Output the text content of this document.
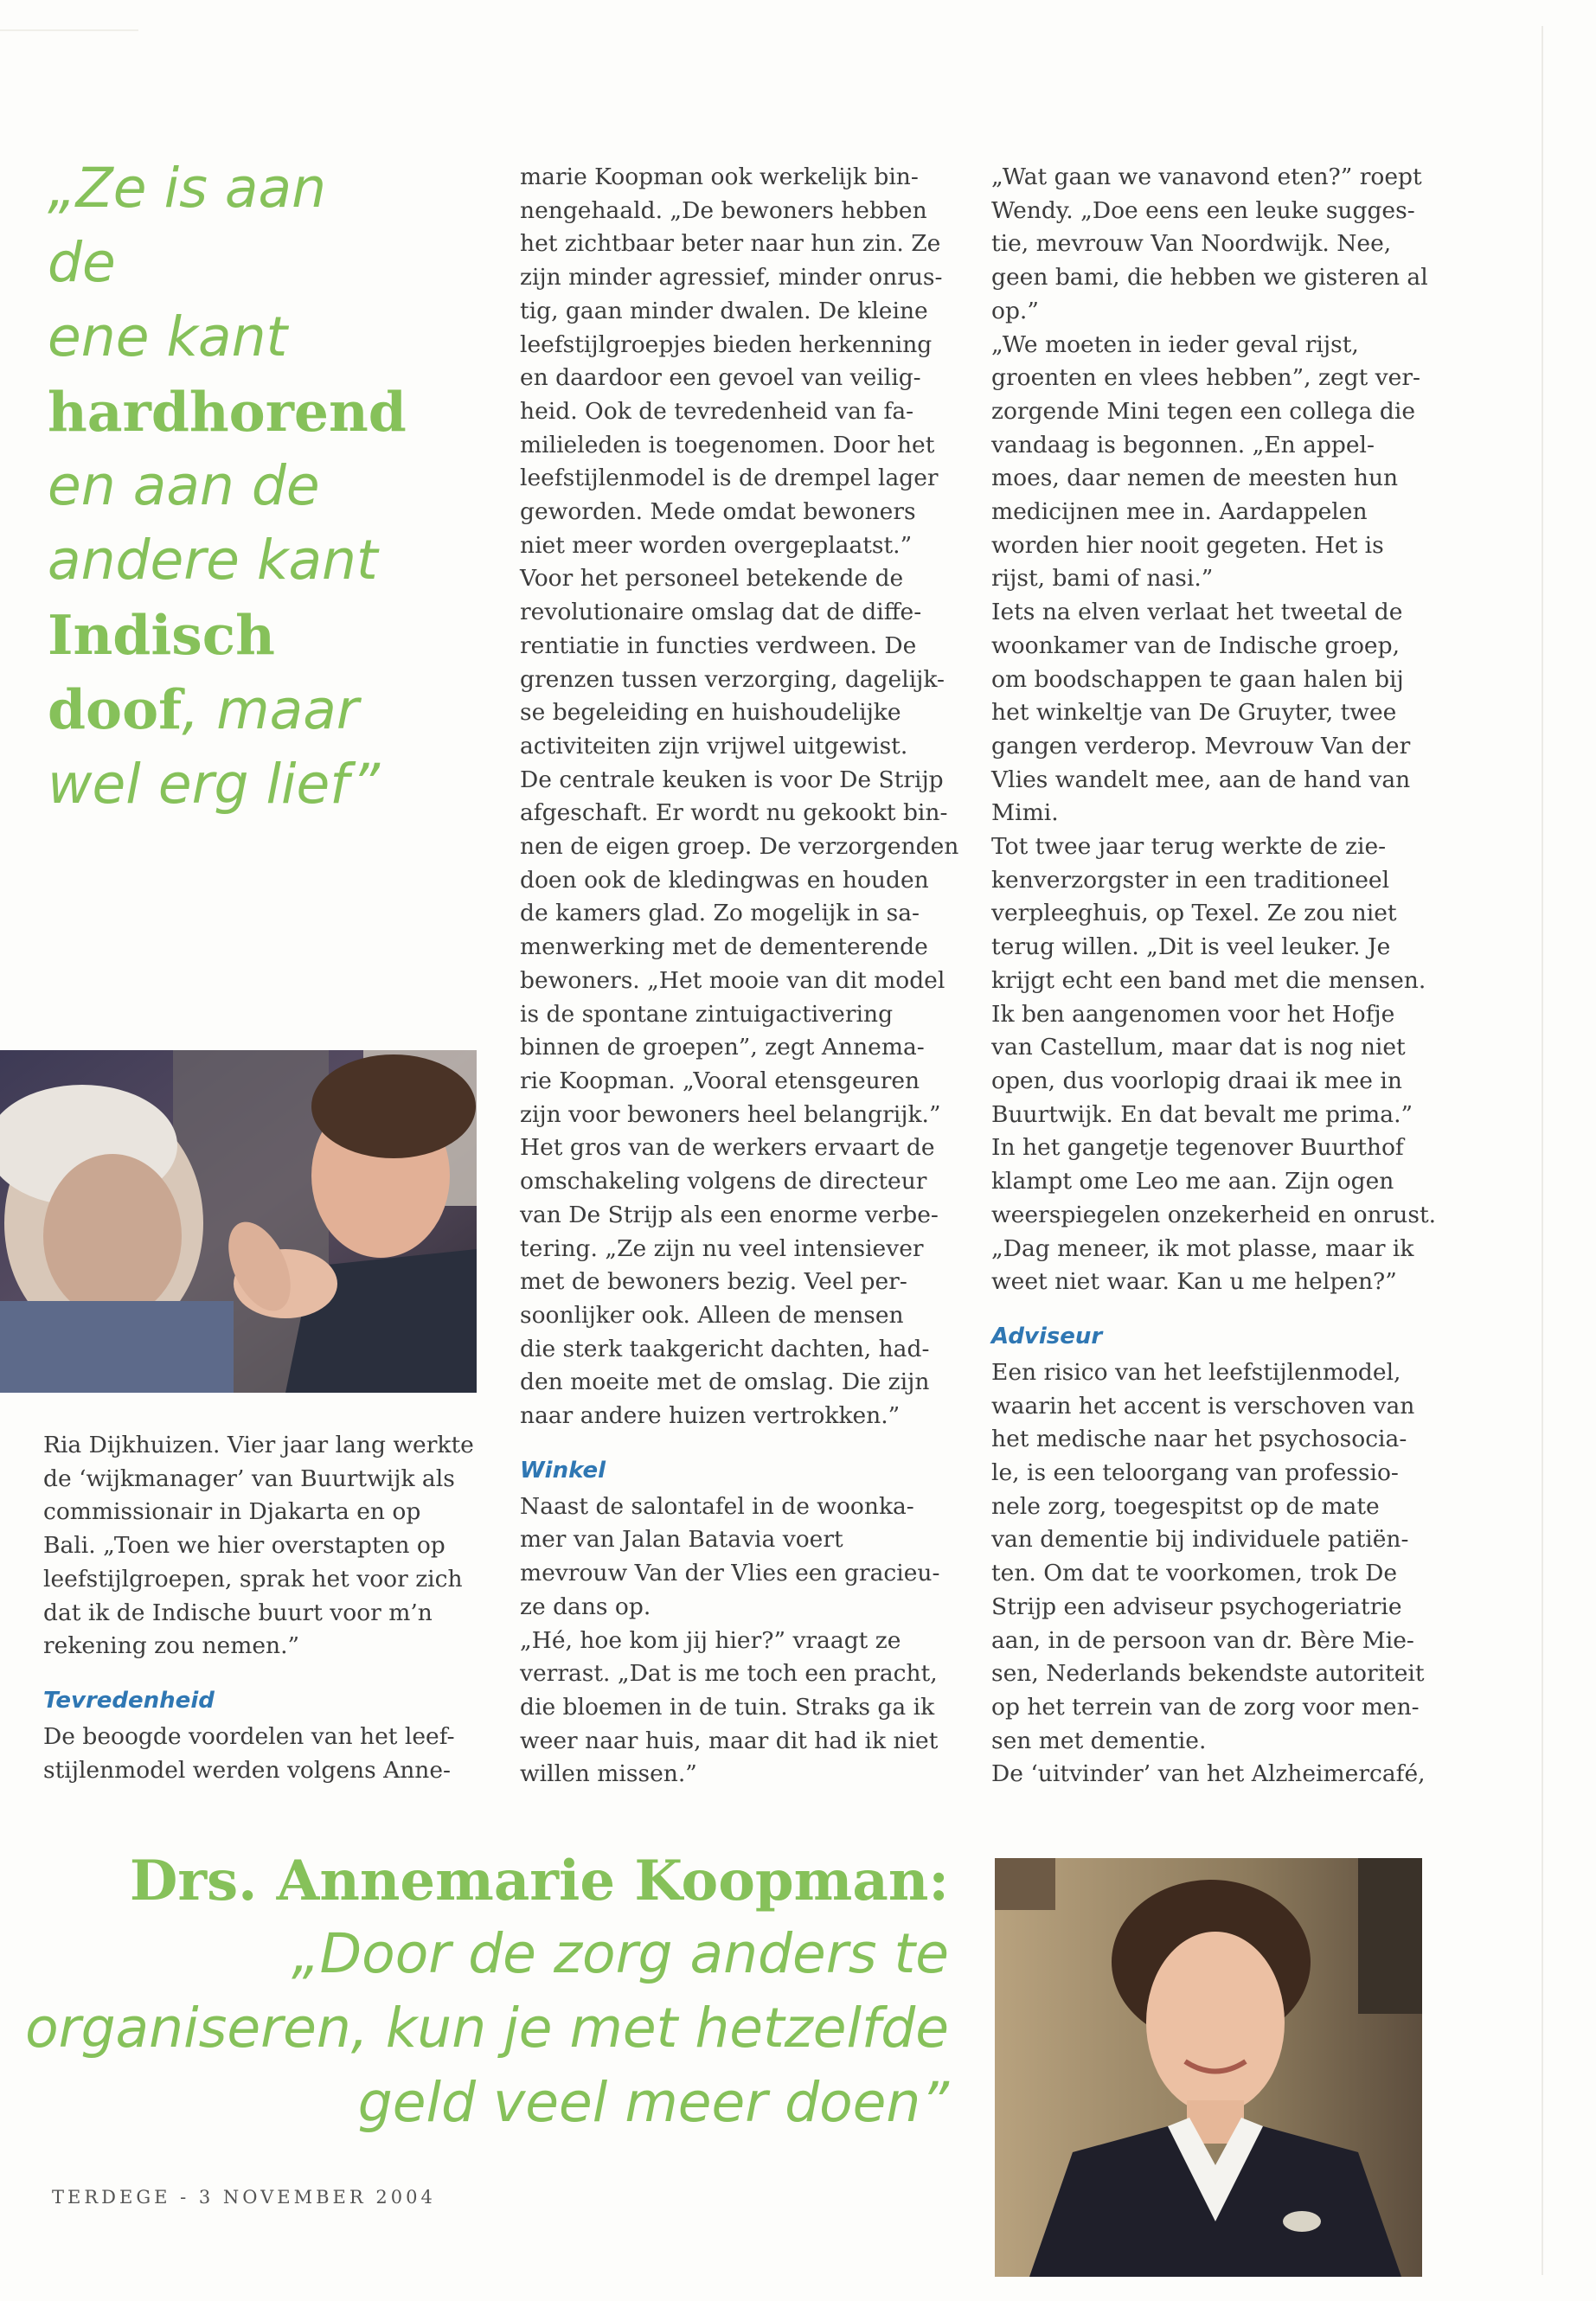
„Ze is aan de
ene kant
hardhorend
en aan de
andere kant
Indisch
doof, maar
wel erg lief”

marie Koopman ook werkelijk bin-
nengehaald. „De bewoners hebben
het zichtbaar beter naar hun zin. Ze
zijn minder agressief, minder onrus-
tig, gaan minder dwalen. De kleine
leefstijlgroepjes bieden herkenning
en daardoor een gevoel van veilig-
heid. Ook de tevredenheid van fa-
milieleden is toegenomen. Door het
leefstijlenmodel is de drempel lager
geworden. Mede omdat bewoners
niet meer worden overgeplaatst.”
Voor het personeel betekende de
revolutionaire omslag dat de diffe-
rentiatie in functies verdween. De
grenzen tussen verzorging, dagelijk-
se begeleiding en huishoudelijke
activiteiten zijn vrijwel uitgewist.
De centrale keuken is voor De Strijp
afgeschaft. Er wordt nu gekookt bin-
nen de eigen groep. De verzorgenden
doen ook de kledingwas en houden
de kamers glad. Zo mogelijk in sa-
menwerking met de dementerende
bewoners. „Het mooie van dit model
is de spontane zintuigactivering
binnen de groepen”, zegt Annema-
rie Koopman. „Vooral etensgeuren
zijn voor bewoners heel belangrijk.”
Het gros van de werkers ervaart de
omschakeling volgens de directeur
van De Strijp als een enorme verbe-
tering. „Ze zijn nu veel intensiever
met de bewoners bezig. Veel per-
soonlijker ook. Alleen de mensen
die sterk taakgericht dachten, had-
den moeite met de omslag. Die zijn
naar andere huizen vertrokken.”

Winkel

Naast de salontafel in de woonka-
mer van Jalan Batavia voert
mevrouw Van der Vlies een gracieu-
ze dans op.
„Hé, hoe kom jij hier?” vraagt ze
verrast. „Dat is me toch een pracht,
die bloemen in de tuin. Straks ga ik
weer naar huis, maar dit had ik niet
willen missen.”

„Wat gaan we vanavond eten?” roept
Wendy. „Doe eens een leuke sugges-
tie, mevrouw Van Noordwijk. Nee,
geen bami, die hebben we gisteren al
op.”
„We moeten in ieder geval rijst,
groenten en vlees hebben”, zegt ver-
zorgende Mini tegen een collega die
vandaag is begonnen. „En appel-
moes, daar nemen de meesten hun
medicijnen mee in. Aardappelen
worden hier nooit gegeten. Het is
rijst, bami of nasi.”
Iets na elven verlaat het tweetal de
woonkamer van de Indische groep,
om boodschappen te gaan halen bij
het winkeltje van De Gruyter, twee
gangen verderop. Mevrouw Van der
Vlies wandelt mee, aan de hand van
Mimi.
Tot twee jaar terug werkte de zie-
kenverzorgster in een traditioneel
verpleeghuis, op Texel. Ze zou niet
terug willen. „Dit is veel leuker. Je
krijgt echt een band met die mensen.
Ik ben aangenomen voor het Hofje
van Castellum, maar dat is nog niet
open, dus voorlopig draai ik mee in
Buurtwijk. En dat bevalt me prima.”
In het gangetje tegenover Buurthof
klampt ome Leo me aan. Zijn ogen
weerspiegelen onzekerheid en onrust.
„Dag meneer, ik mot plasse, maar ik
weet niet waar. Kan u me helpen?”

Adviseur

Een risico van het leefstijlenmodel,
waarin het accent is verschoven van
het medische naar het psychosocia-
le, is een teloorgang van professio-
nele zorg, toegespitst op de mate
van dementie bij individuele patiën-
ten. Om dat te voorkomen, trok De
Strijp een adviseur psychogeriatrie
aan, in de persoon van dr. Bère Mie-
sen, Nederlands bekendste autoriteit
op het terrein van de zorg voor men-
sen met dementie.
De ‘uitvinder’ van het Alzheimercafé,

Ria Dijkhuizen. Vier jaar lang werkte
de ‘wijkmanager’ van Buurtwijk als
commissionair in Djakarta en op
Bali. „Toen we hier overstapten op
leefstijlgroepen, sprak het voor zich
dat ik de Indische buurt voor m’n
rekening zou nemen.”

Tevredenheid

De beoogde voordelen van het leef-
stijlenmodel werden volgens Anne-

Drs. Annemarie Koopman:
„Door de zorg anders te
organiseren, kun je met hetzelfde
geld veel meer doen”
TERDEGE - 3 NOVEMBER 2004
